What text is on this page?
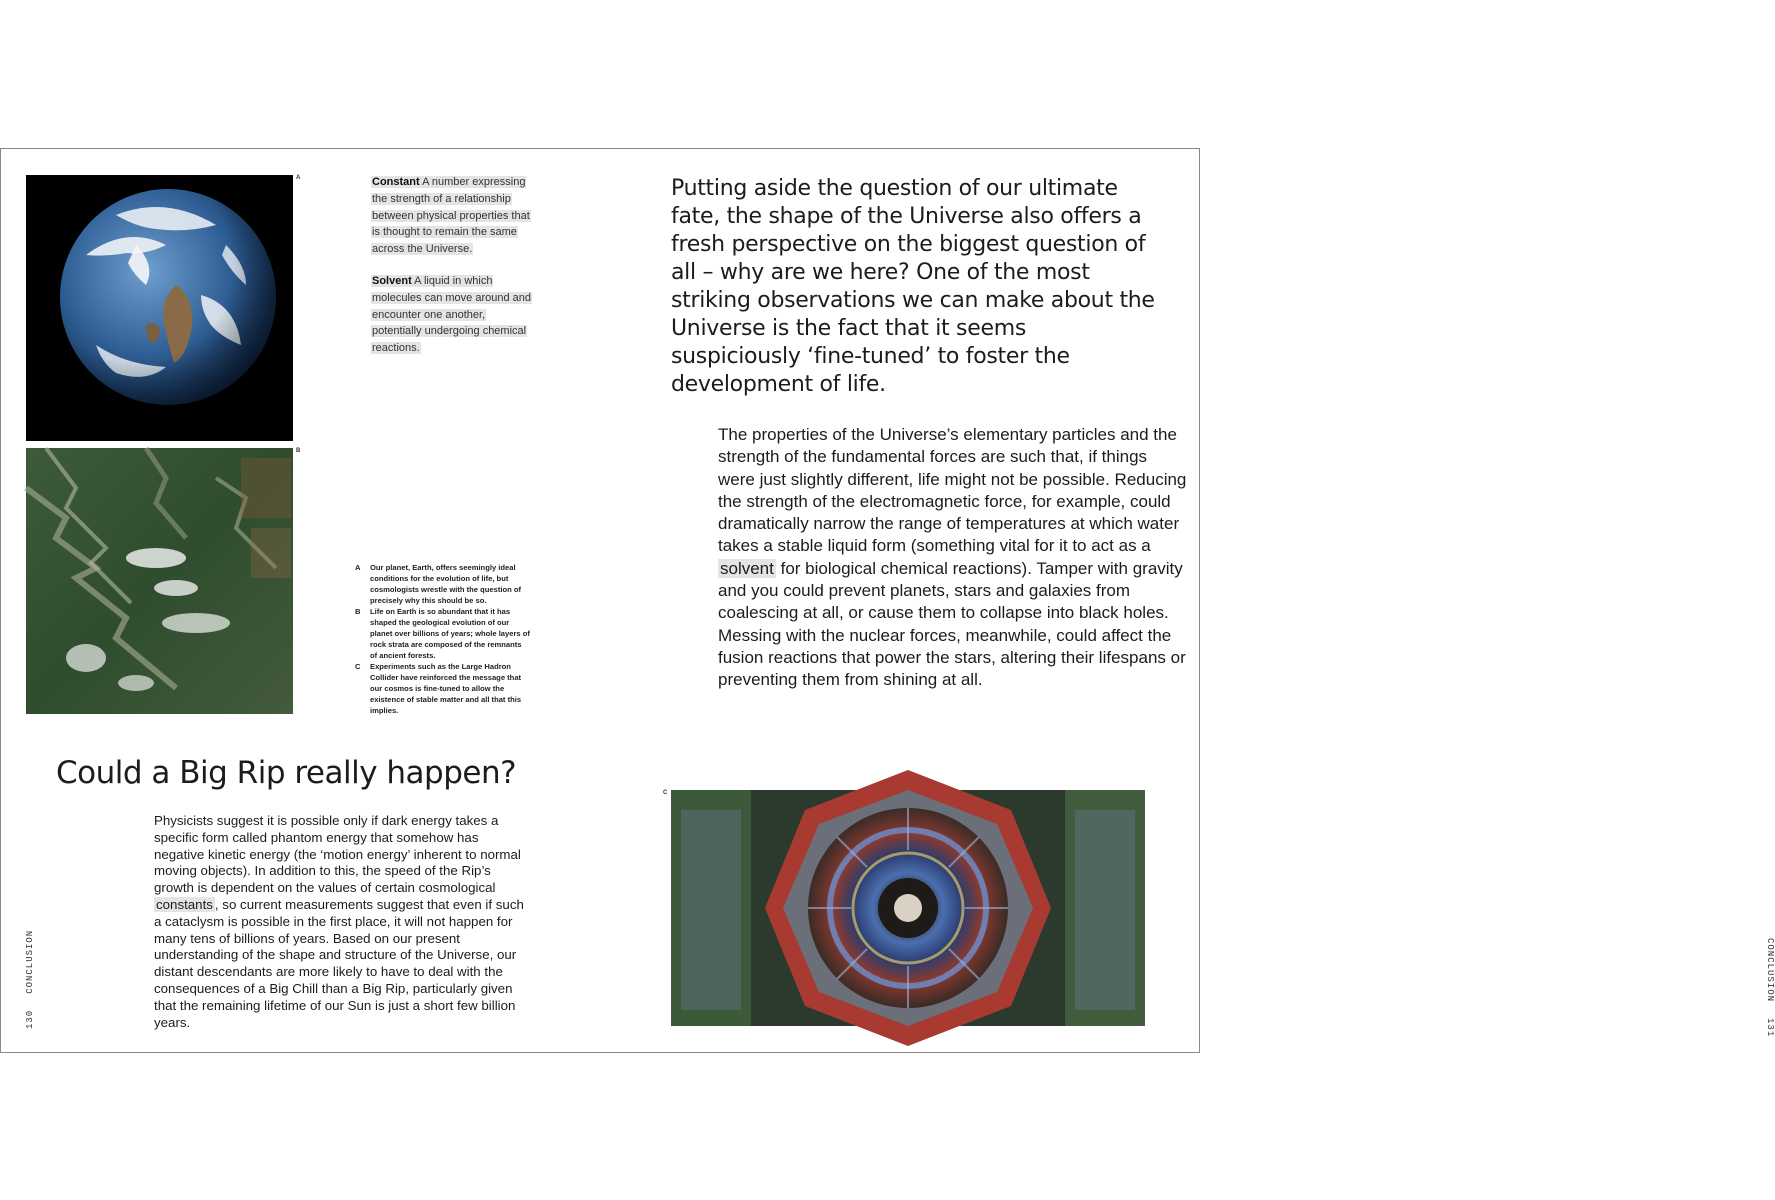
A
B

Constant A number expressing the strength of a relationship between physical properties that is thought to remain the same across the Universe.

Solvent A liquid in which molecules can move around and encounter one another, potentially undergoing chemical reactions.

A	Our planet, Earth, offers seemingly ideal conditions for the evolution of life, but cosmologists wrestle with the question of precisely why this should be so.
B	Life on Earth is so abundant that it has shaped the geological evolution of our planet over billions of years; whole layers of rock strata are composed of the remnants of ancient forests.
C	Experiments such as the Large Hadron Collider have reinforced the message that our cosmos is fine-tuned to allow the existence of stable matter and all that this implies.
Could a Big Rip really happen?
Physicists suggest it is possible only if dark energy takes a specific form called phantom energy that somehow has negative kinetic energy (the ‘motion energy’ inherent to normal moving objects). In addition to this, the speed of the Rip’s growth is dependent on the values of certain cosmological constants , so current measurements suggest that even if such a cataclysm is possible in the first place, it will not happen for many tens of billions of years. Based on our present understanding of the shape and structure of the Universe, our distant descendants are more likely to have to deal with the consequences of a Big Chill than a Big Rip, particularly given that the remaining lifetime of our Sun is just a short few billion years.
130CONCLUSION
Putting aside the question of our ultimate fate, the shape of the Universe also offers a fresh perspective on the biggest question of all – why are we here? One of the most striking observations we can make about the Universe is the fact that it seems suspiciously ‘fine-tuned’ to foster the development of life.
The properties of the Universe’s elementary particles and the strength of the fundamental forces are such that, if things were just slightly different, life might not be possible. Reducing the strength of the electromagnetic force, for example, could dramatically narrow the range of temperatures at which water takes a stable liquid form (something vital for it to act as a solvent for biological chemical reactions). Tamper with gravity and you could prevent planets, stars and galaxies from coalescing at all, or cause them to collapse into black holes. Messing with the nuclear forces, meanwhile, could affect the fusion reactions that power the stars, altering their lifespans or preventing them from shining at all.
C
CONCLUSION131
